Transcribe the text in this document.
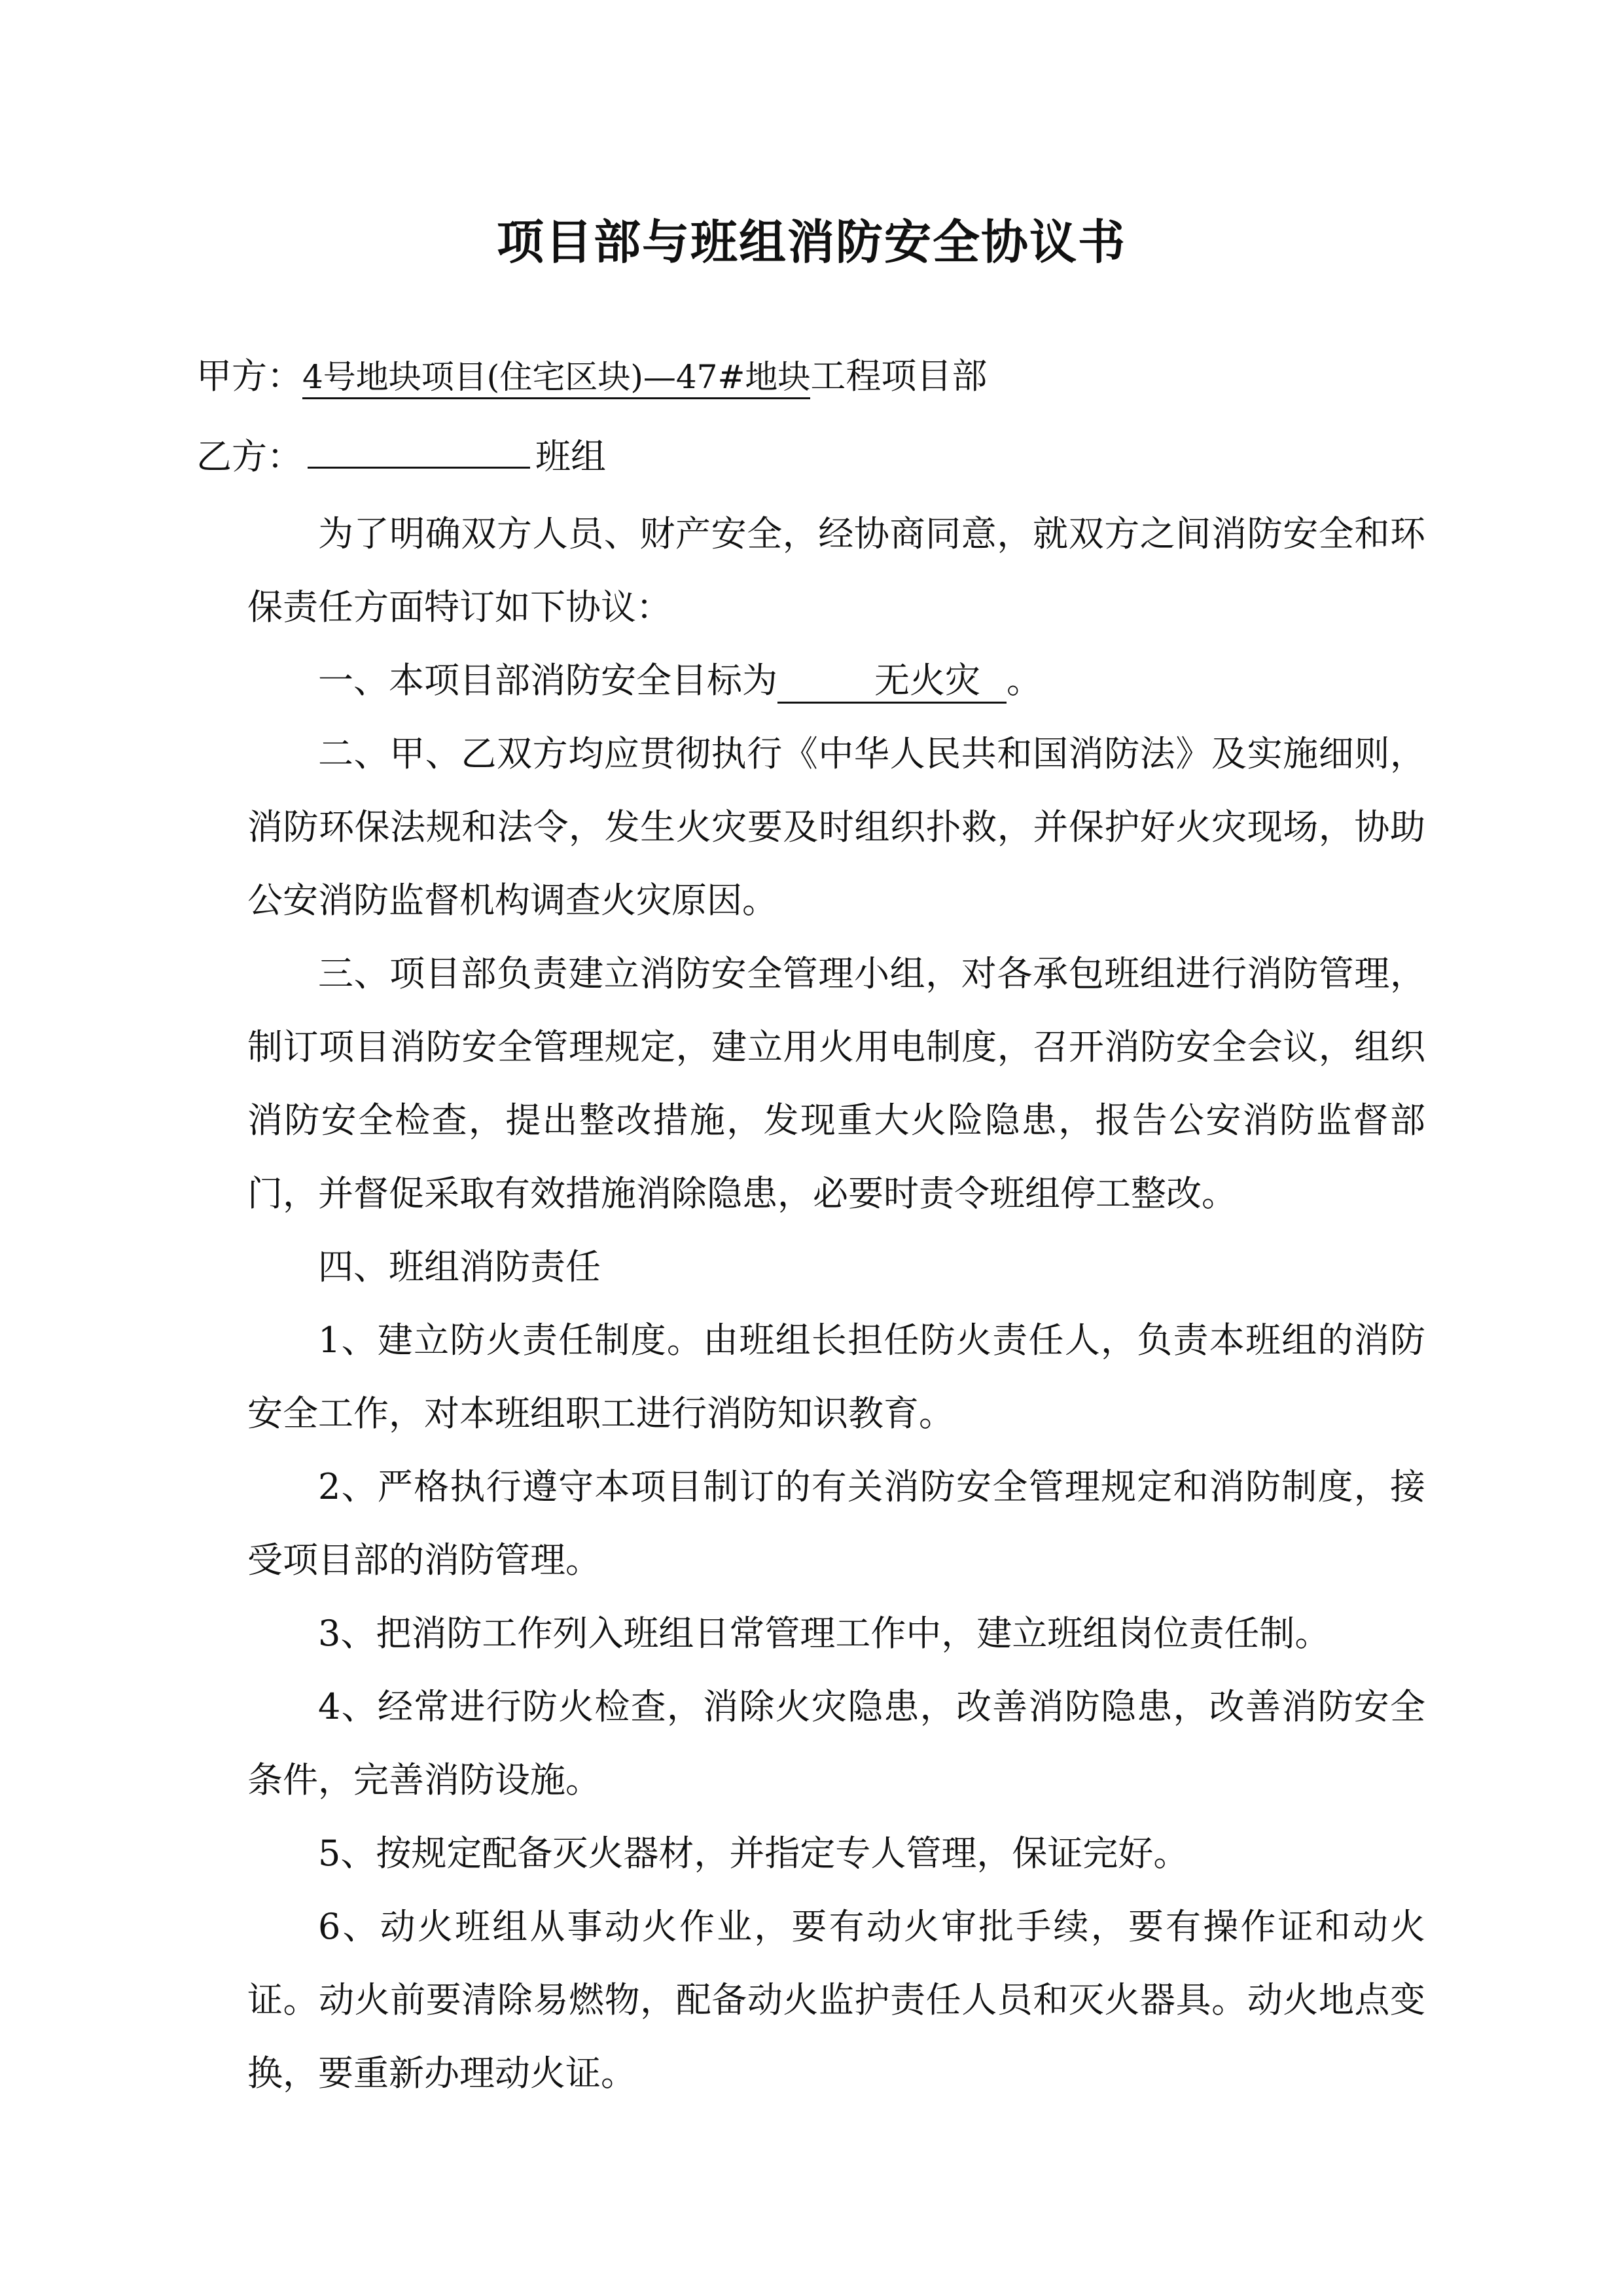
项目部与班组消防安全协议书
甲方：4号地块项目(住宅区块)—47#地块工程项目部
乙方：	班组

为了明确双方人员、财产安全，经协商同意，就双方之间消防安全和环保责任方面特订如下协议：

一、本项目部消防安全目标为	无火灾 。

二、甲、乙双方均应贯彻执行《中华人民共和国消防法》及实施细则，消防环保法规和法令，发生火灾要及时组织扑救，并保护好火灾现场，协助公安消防监督机构调查火灾原因。

三、项目部负责建立消防安全管理小组，对各承包班组进行消防管理，制订项目消防安全管理规定，建立用火用电制度，召开消防安全会议，组织消防安全检查，提出整改措施，发现重大火险隐患，报告公安消防监督部门，并督促采取有效措施消除隐患，必要时责令班组停工整改。

四、班组消防责任

1、建立防火责任制度。由班组长担任防火责任人，负责本班组的消防安全工作，对本班组职工进行消防知识教育。

2、严格执行遵守本项目制订的有关消防安全管理规定和消防制度，接受项目部的消防管理。

3、把消防工作列入班组日常管理工作中，建立班组岗位责任制。

4、经常进行防火检查，消除火灾隐患，改善消防隐患，改善消防安全条件，完善消防设施。

5、按规定配备灭火器材，并指定专人管理，保证完好。

6、动火班组从事动火作业，要有动火审批手续，要有操作证和动火证。动火前要清除易燃物，配备动火监护责任人员和灭火器具。动火地点变换，要重新办理动火证。
